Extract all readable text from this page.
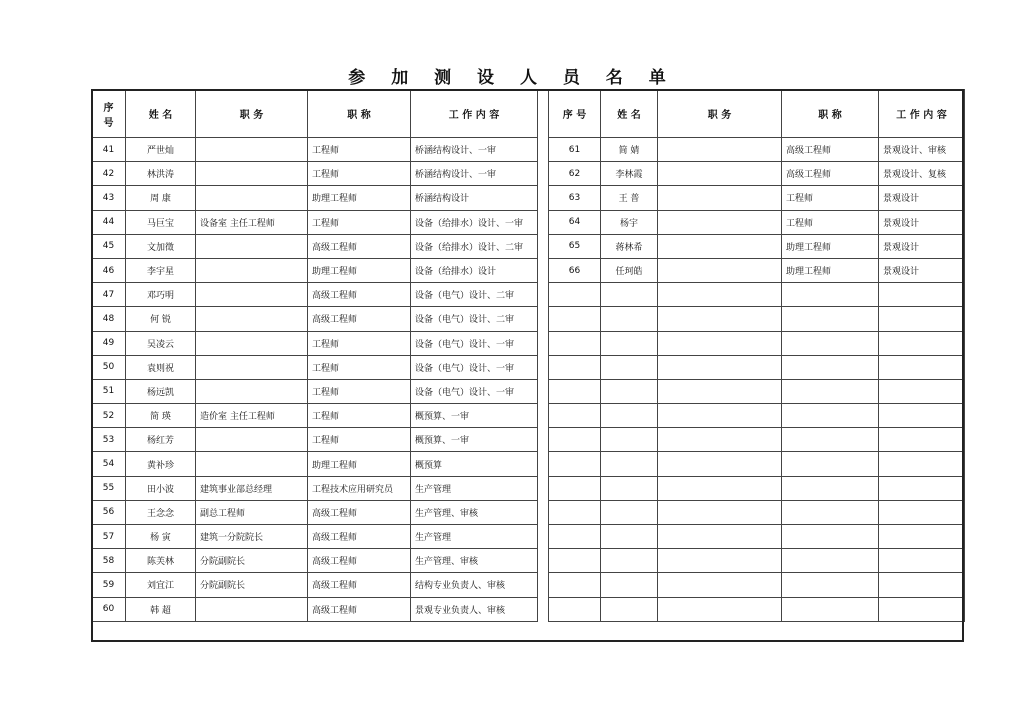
参 加 测 设 人 员 名 单
序
号	姓 名	职 务	职 称	工 作 内 容
41	严世灿		工程师	桥涵结构设计、一审
42	林洪涛		工程师	桥涵结构设计、一审
43	周 康		助理工程师	桥涵结构设计
44	马巨宝	设备室 主任工程师	工程师	设备（给排水）设计、一审
45	文加徵		高级工程师	设备（给排水）设计、二审
46	李宇星		助理工程师	设备（给排水）设计
47	邓巧明		高级工程师	设备（电气）设计、二审
48	何 锐		高级工程师	设备（电气）设计、二审
49	吴凌云		工程师	设备（电气）设计、一审
50	袁则祝		工程师	设备（电气）设计、一审
51	杨远凯		工程师	设备（电气）设计、一审
52	简 瑛	造价室 主任工程师	工程师	概预算、一审
53	杨红芳		工程师	概预算、一审
54	黄补珍		助理工程师	概预算
55	田小波	建筑事业部总经理	工程技术应用研究员	生产管理
56	王念念	副总工程师	高级工程师	生产管理、审核
57	杨 寅	建筑一分院院长	高级工程师	生产管理
58	陈芙林	分院副院长	高级工程师	生产管理、审核
59	刘宜江	分院副院长	高级工程师	结构专业负责人、审核
60	韩 超		高级工程师	景观专业负责人、审核
序 号	姓 名	职 务	职 称	工 作 内 容
61	简 婧		高级工程师	景观设计、审核
62	李林霞		高级工程师	景观设计、复核
63	王 普		工程师	景观设计
64	杨宇		工程师	景观设计
65	蒋林希		助理工程师	景观设计
66	任珂皓		助理工程师	景观设计
